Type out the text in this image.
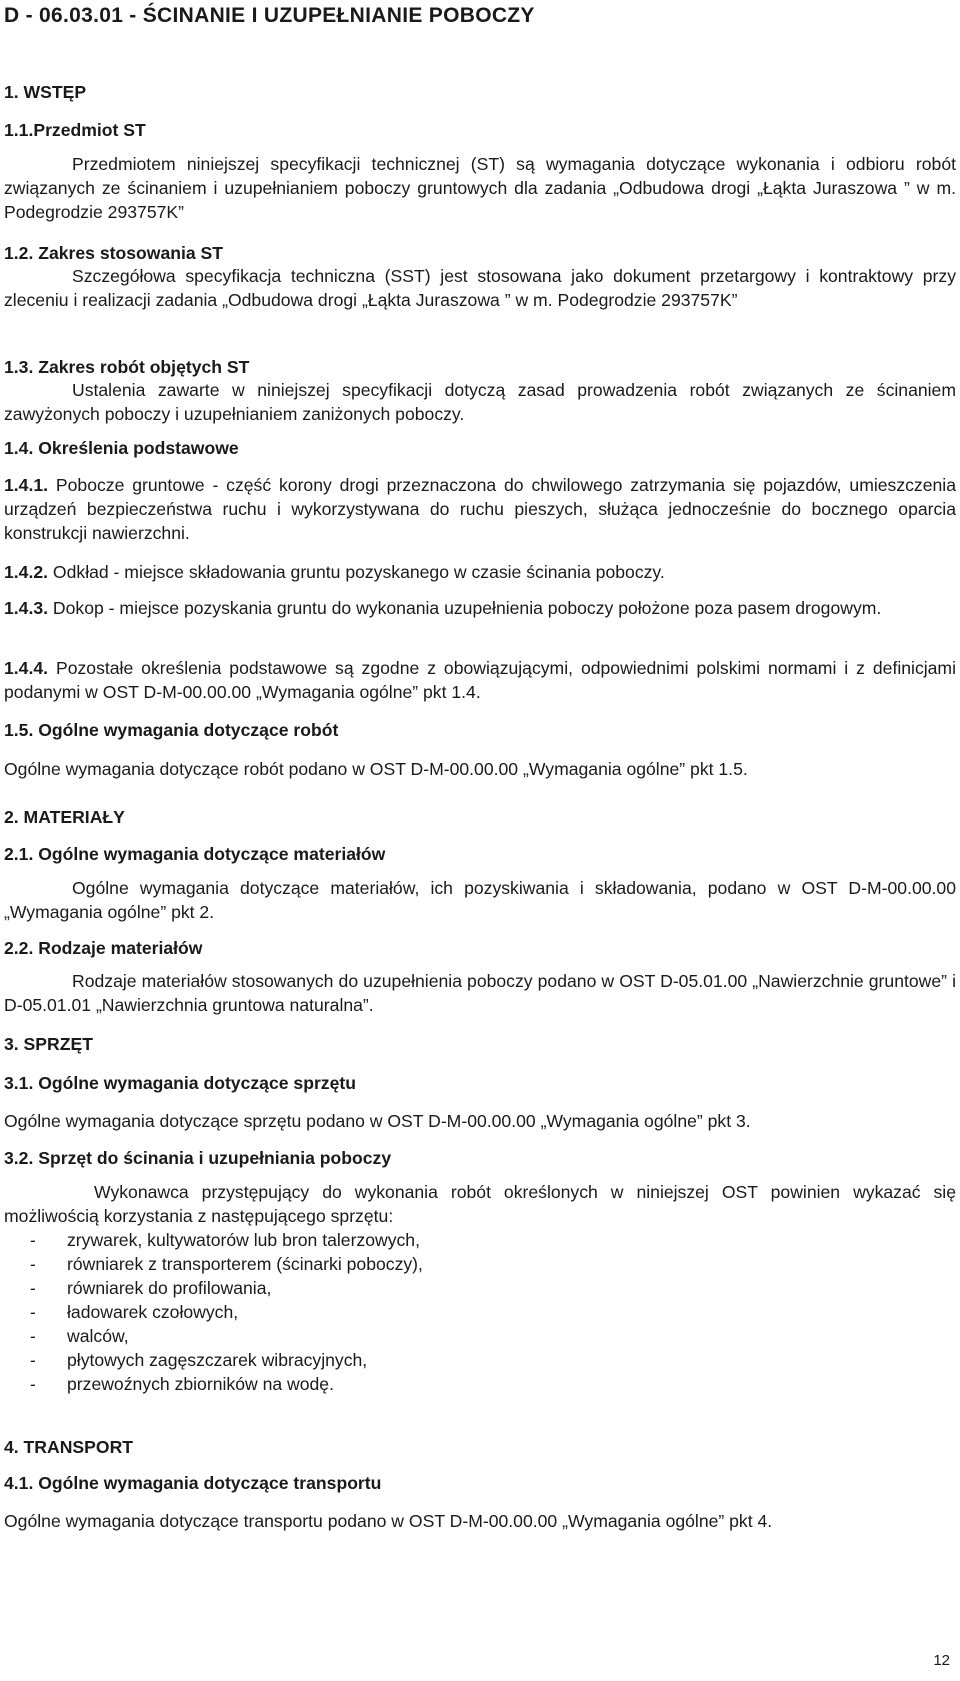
D - 06.03.01 - ŚCINANIE I UZUPEŁNIANIE POBOCZY
1. WSTĘP
1.1.Przedmiot ST
Przedmiotem niniejszej specyfikacji technicznej (ST) są wymagania dotyczące wykonania i odbioru robót związanych ze ścinaniem i uzupełnianiem poboczy gruntowych dla zadania „Odbudowa drogi „Łąkta Juraszowa ” w m. Podegrodzie 293757K”
1.2. Zakres stosowania ST
Szczegółowa specyfikacja techniczna (SST) jest stosowana jako dokument przetargowy i kontraktowy przy zleceniu i realizacji zadania „Odbudowa drogi „Łąkta Juraszowa ” w m. Podegrodzie 293757K”
1.3. Zakres robót objętych ST
Ustalenia zawarte w niniejszej specyfikacji dotyczą zasad prowadzenia robót związanych ze ścinaniem zawyżonych poboczy i uzupełnianiem zaniżonych poboczy.
1.4. Określenia podstawowe
1.4.1. Pobocze gruntowe - część korony drogi przeznaczona do chwilowego zatrzymania się pojazdów, umieszczenia urządzeń bezpieczeństwa ruchu i wykorzystywana do ruchu pieszych, służąca jednocześnie do bocznego oparcia konstrukcji nawierzchni.
1.4.2. Odkład - miejsce składowania gruntu pozyskanego w czasie ścinania poboczy.
1.4.3. Dokop - miejsce pozyskania gruntu do wykonania uzupełnienia poboczy położone poza pasem drogowym.
1.4.4. Pozostałe określenia podstawowe są zgodne z obowiązującymi, odpowiednimi polskimi normami i z definicjami podanymi w OST D-M-00.00.00 „Wymagania ogólne” pkt 1.4.
1.5. Ogólne wymagania dotyczące robót
Ogólne wymagania dotyczące robót podano w OST D-M-00.00.00 „Wymagania ogólne” pkt 1.5.
2. MATERIAŁY
2.1. Ogólne wymagania dotyczące materiałów
Ogólne wymagania dotyczące materiałów, ich pozyskiwania i składowania, podano w OST D-M-00.00.00 „Wymagania ogólne” pkt 2.
2.2. Rodzaje materiałów
Rodzaje materiałów stosowanych do uzupełnienia poboczy podano w OST D-05.01.00 „Nawierzchnie gruntowe” i D-05.01.01 „Nawierzchnia gruntowa naturalna”.
3. SPRZĘT
3.1. Ogólne wymagania dotyczące sprzętu
Ogólne wymagania dotyczące sprzętu podano w OST D-M-00.00.00 „Wymagania ogólne” pkt 3.
3.2. Sprzęt do ścinania i uzupełniania poboczy
Wykonawca przystępujący do wykonania robót określonych w niniejszej OST powinien wykazać się możliwością korzystania z następującego sprzętu:
- zrywarek, kultywatorów lub bron talerzowych,
- równiarek z transporterem (ścinarki poboczy),
- równiarek do profilowania,
- ładowarek czołowych,
- walców,
- płytowych zagęszczarek wibracyjnych,
- przewoźnych zbiorników na wodę.
4. TRANSPORT
4.1. Ogólne wymagania dotyczące transportu
Ogólne wymagania dotyczące transportu podano w OST D-M-00.00.00 „Wymagania ogólne” pkt 4.
12
